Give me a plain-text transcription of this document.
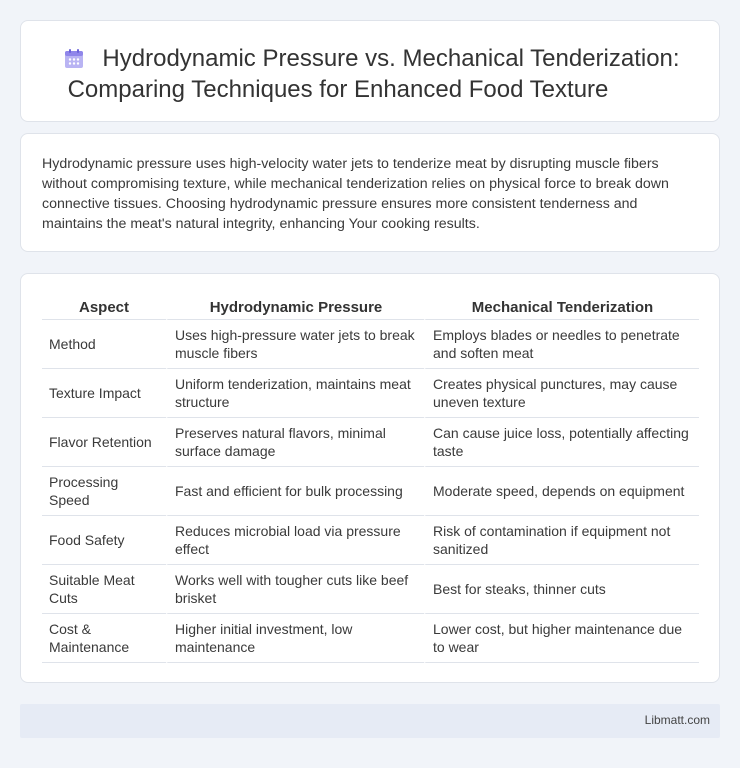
Hydrodynamic Pressure vs. Mechanical Tenderization:
Comparing Techniques for Enhanced Food Texture

Hydrodynamic pressure uses high-velocity water jets to tenderize meat by disrupting muscle fibers without compromising texture, while mechanical tenderization relies on physical force to break down connective tissues. Choosing hydrodynamic pressure ensures more consistent tenderness and maintains the meat's natural integrity, enhancing Your cooking results.

Aspect	Hydrodynamic Pressure	Mechanical Tenderization
Method	Uses high-pressure water jets to break muscle fibers	Employs blades or needles to penetrate and soften meat
Texture Impact	Uniform tenderization, maintains meat structure	Creates physical punctures, may cause uneven texture
Flavor Retention	Preserves natural flavors, minimal surface damage	Can cause juice loss, potentially affecting taste
Processing Speed	Fast and efficient for bulk processing	Moderate speed, depends on equipment
Food Safety	Reduces microbial load via pressure effect	Risk of contamination if equipment not sanitized
Suitable Meat Cuts	Works well with tougher cuts like beef brisket	Best for steaks, thinner cuts
Cost & Maintenance	Higher initial investment, low maintenance	Lower cost, but higher maintenance due to wear
Libmatt.com
